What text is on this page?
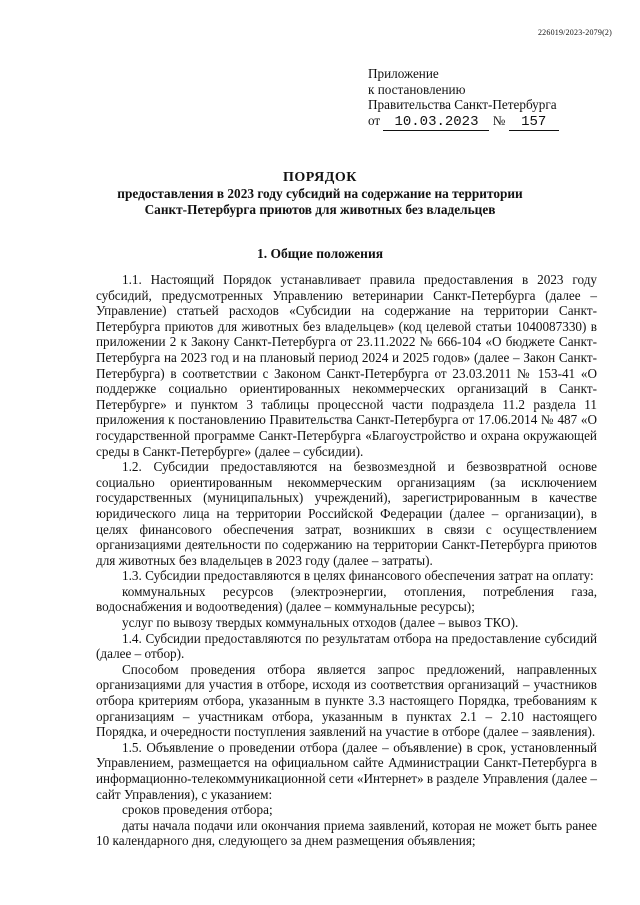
226019/2023-2079(2)
Приложение
к постановлению
Правительства Санкт-Петербурга
от 10.03.2023 № 157
ПОРЯДОК
предоставления в 2023 году субсидий на содержание на территории
Санкт-Петербурга приютов для животных без владельцев
1. Общие положения

1.1. Настоящий Порядок устанавливает правила предоставления в 2023 году субсидий, предусмотренных Управлению ветеринарии Санкт-Петербурга (далее – Управление) статьей расходов «Субсидии на содержание на территории Санкт-Петербурга приютов для животных без владельцев» (код целевой статьи 1040087330) в приложении 2 к Закону Санкт-Петербурга от 23.11.2022 № 666-104 «О бюджете Санкт-Петербурга на 2023 год и на плановый период 2024 и 2025 годов» (далее – Закон Санкт-Петербурга) в соответствии с Законом Санкт-Петербурга от 23.03.2011 № 153-41 «О поддержке социально ориентированных некоммерческих организаций в Санкт-Петербурге» и пунктом 3 таблицы процессной части подраздела 11.2 раздела 11 приложения к постановлению Правительства Санкт-Петербурга от 17.06.2014 № 487 «О государственной программе Санкт-Петербурга «Благоустройство и охрана окружающей среды в Санкт-Петербурге» (далее – субсидии).

1.2. Субсидии предоставляются на безвозмездной и безвозвратной основе социально ориентированным некоммерческим организациям (за исключением государственных (муниципальных) учреждений), зарегистрированным в качестве юридического лица на территории Российской Федерации (далее – организации), в целях финансового обеспечения затрат, возникших в связи с осуществлением организациями деятельности по содержанию на территории Санкт-Петербурга приютов для животных без владельцев в 2023 году (далее – затраты).

1.3. Субсидии предоставляются в целях финансового обеспечения затрат на оплату:

коммунальных ресурсов (электроэнергии, отопления, потребления газа, водоснабжения и водоотведения) (далее – коммунальные ресурсы);

услуг по вывозу твердых коммунальных отходов (далее – вывоз ТКО).

1.4. Субсидии предоставляются по результатам отбора на предоставление субсидий (далее – отбор).

Способом проведения отбора является запрос предложений, направленных организациями для участия в отборе, исходя из соответствия организаций – участников отбора критериям отбора, указанным в пункте 3.3 настоящего Порядка, требованиям к организациям – участникам отбора, указанным в пунктах 2.1 – 2.10 настоящего Порядка, и очередности поступления заявлений на участие в отборе (далее – заявления).

1.5. Объявление о проведении отбора (далее – объявление) в срок, установленный Управлением, размещается на официальном сайте Администрации Санкт-Петербурга в информационно-телекоммуникационной сети «Интернет» в разделе Управления (далее – сайт Управления), с указанием:

сроков проведения отбора;

даты начала подачи или окончания приема заявлений, которая не может быть ранее 10 календарного дня, следующего за днем размещения объявления;
